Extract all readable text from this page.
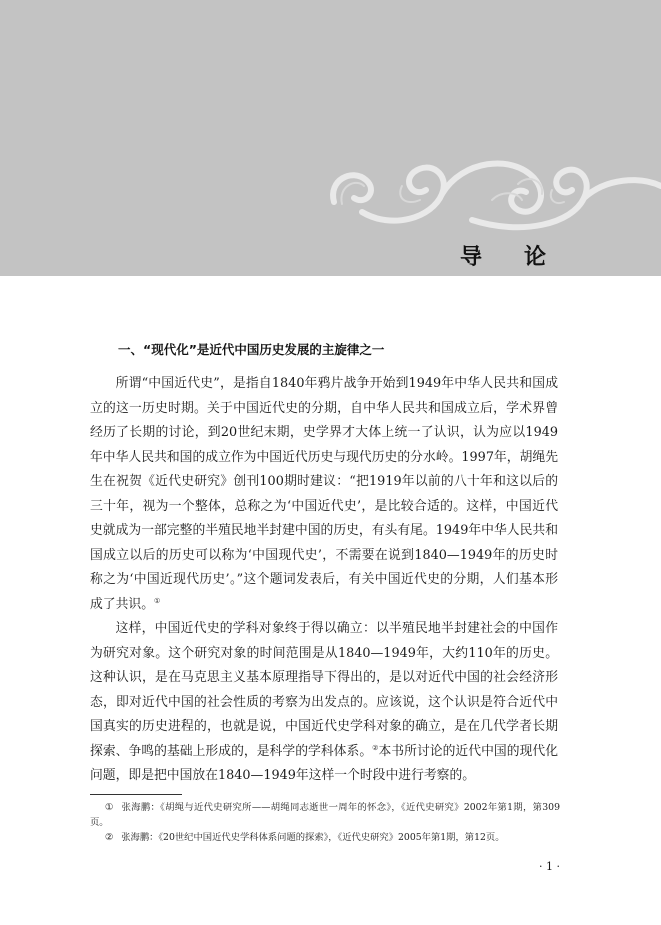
导　论
一、“现代化”是近代中国历史发展的主旋律之一

所谓“中国近代史”，是指自1840年鸦片战争开始到1949年中华人民共和国成立的这一历史时期。关于中国近代史的分期，自中华人民共和国成立后，学术界曾经历了长期的讨论，到20世纪末期，史学界才大体上统一了认识，认为应以1949年中华人民共和国的成立作为中国近代历史与现代历史的分水岭。1997年，胡绳先生在祝贺《近代史研究》创刊100期时建议：“把1919年以前的八十年和这以后的三十年，视为一个整体，总称之为‘中国近代史’，是比较合适的。这样，中国近代史就成为一部完整的半殖民地半封建中国的历史，有头有尾。1949年中华人民共和国成立以后的历史可以称为‘中国现代史’，不需要在说到1840—1949年的历史时称之为‘中国近现代历史’。”这个题词发表后，有关中国近代史的分期，人们基本形成了共识。①

这样，中国近代史的学科对象终于得以确立：以半殖民地半封建社会的中国作为研究对象。这个研究对象的时间范围是从1840—1949年，大约110年的历史。这种认识，是在马克思主义基本原理指导下得出的，是以对近代中国的社会经济形态，即对近代中国的社会性质的考察为出发点的。应该说，这个认识是符合近代中国真实的历史进程的，也就是说，中国近代史学科对象的确立，是在几代学者长期探索、争鸣的基础上形成的，是科学的学科体系。②本书所讨论的近代中国的现代化问题，即是把中国放在1840—1949年这样一个时段中进行考察的。

① 张海鹏：《胡绳与近代史研究所——胡绳同志逝世一周年的怀念》，《近代史研究》2002年第1期，第309页。

② 张海鹏：《20世纪中国近代史学科体系问题的探索》，《近代史研究》2005年第1期，第12页。

· 1 ·
